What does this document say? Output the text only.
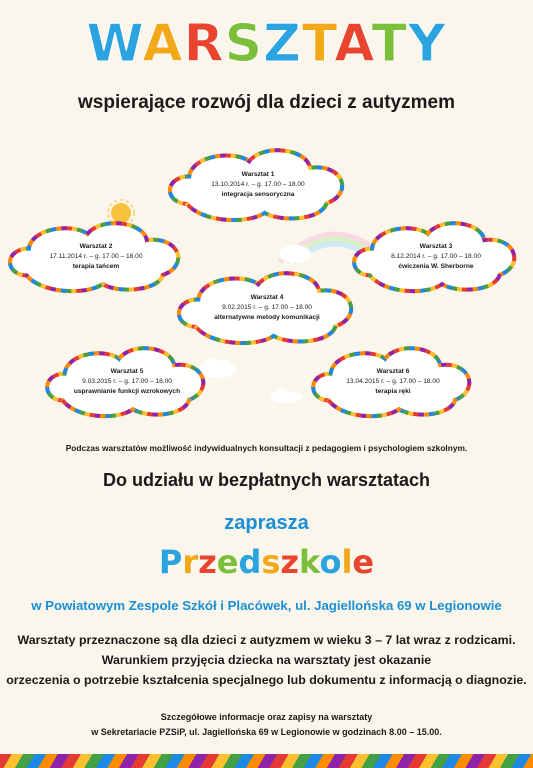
WARSZTATY
wspierające rozwój dla dzieci z autyzmem
Warsztat 1
13.10.2014 r. – g. 17.00 – 18.00
integracja sensoryczna
Warsztat 2
17.11.2014 r. – g. 17.00 – 18.00
terapia tańcem
Warsztat 3
8.12.2014 r. – g. 17.00 – 18.00
ćwiczenia W. Sherborne
Warsztat 4
9.02.2015 r. – g. 17.00 – 18.00
alternatywne metody komunikacji
Warsztat 5
9.03.2015 r. – g. 17.00 – 18.00
usprawnianie funkcji wzrokowych
Warsztat 6
13.04.2015 r. – g. 17.00 – 18.00
terapia ręki
Podczas warsztatów możliwość indywidualnych konsultacji z pedagogiem i psychologiem szkolnym.
Do udziału w bezpłatnych warsztatach
zaprasza
Przedszkole
w Powiatowym Zespole Szkół i Placówek, ul. Jagiellońska 69 w Legionowie
Warsztaty przeznaczone są dla dzieci z autyzmem w wieku 3 – 7 lat wraz z rodzicami.
Warunkiem przyjęcia dziecka na warsztaty jest okazanie
orzeczenia o potrzebie kształcenia specjalnego lub dokumentu z informacją o diagnozie.
Szczegółowe informacje oraz zapisy na warsztaty
w Sekretariacie PZSiP, ul. Jagiellońska 69 w Legionowie w godzinach 8.00 – 15.00.
